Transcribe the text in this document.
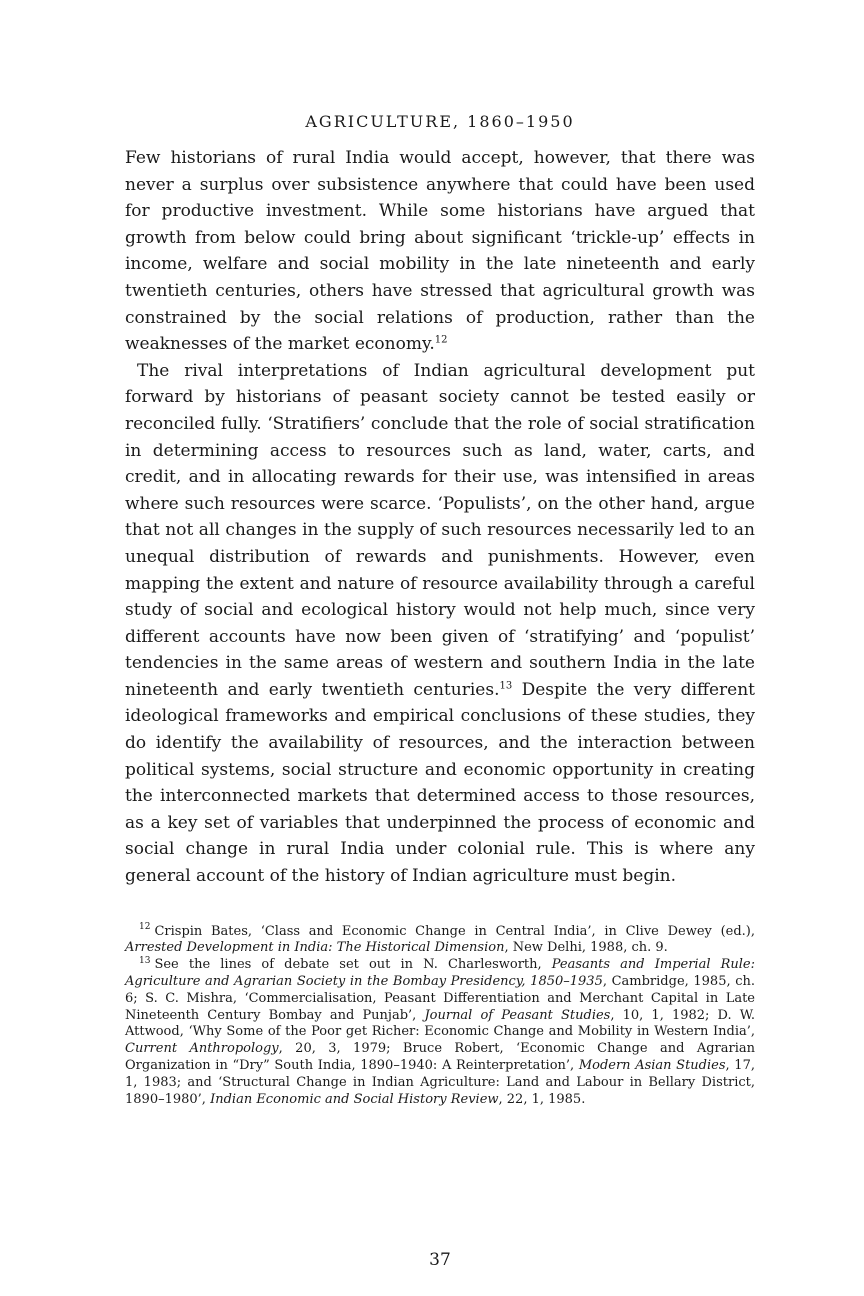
AGRICULTURE, 1860–1950

Few historians of rural India would accept, however, that there was never a surplus over subsistence anywhere that could have been used for productive investment. While some historians have argued that growth from below could bring about significant ‘trickle-up’ effects in income, welfare and social mobility in the late nineteenth and early twentieth centuries, others have stressed that agricultural growth was constrained by the social relations of production, rather than the weaknesses of the market economy.$^{12}$

The rival interpretations of Indian agricultural development put forward by historians of peasant society cannot be tested easily or reconciled fully. ‘Stratifiers’ conclude that the role of social stratification in determining access to resources such as land, water, carts, and credit, and in allocating rewards for their use, was intensified in areas where such resources were scarce. ‘Populists’, on the other hand, argue that not all changes in the supply of such resources necessarily led to an unequal distribution of rewards and punishments. However, even mapping the extent and nature of resource availability through a careful study of social and ecological history would not help much, since very different accounts have now been given of ‘stratifying’ and ‘populist’ tendencies in the same areas of western and southern India in the late nineteenth and early twentieth centuries.$^{13}$ Despite the very different ideological frameworks and empirical conclusions of these studies, they do identify the availability of resources, and the interaction between political systems, social structure and economic opportunity in creating the interconnected markets that determined access to those resources, as a key set of variables that underpinned the process of economic and social change in rural India under colonial rule. This is where any general account of the history of Indian agriculture must begin.

$^{12}$ Crispin Bates, ‘Class and Economic Change in Central India’, in Clive Dewey (ed.), Arrested Development in India: The Historical Dimension, New Delhi, 1988, ch. 9.

$^{13}$ See the lines of debate set out in N. Charlesworth, Peasants and Imperial Rule: Agriculture and Agrarian Society in the Bombay Presidency, 1850–1935, Cambridge, 1985, ch. 6; S. C. Mishra, ‘Commercialisation, Peasant Differentiation and Merchant Capital in Late Nineteenth Century Bombay and Punjab’, Journal of Peasant Studies, 10, 1, 1982; D. W. Attwood, ‘Why Some of the Poor get Richer: Economic Change and Mobility in Western India’, Current Anthropology, 20, 3, 1979; Bruce Robert, ‘Economic Change and Agrarian Organization in “Dry” South India, 1890–1940: A Reinterpretation’, Modern Asian Studies, 17, 1, 1983; and ‘Structural Change in Indian Agriculture: Land and Labour in Bellary District, 1890–1980’, Indian Economic and Social History Review, 22, 1, 1985.

37
